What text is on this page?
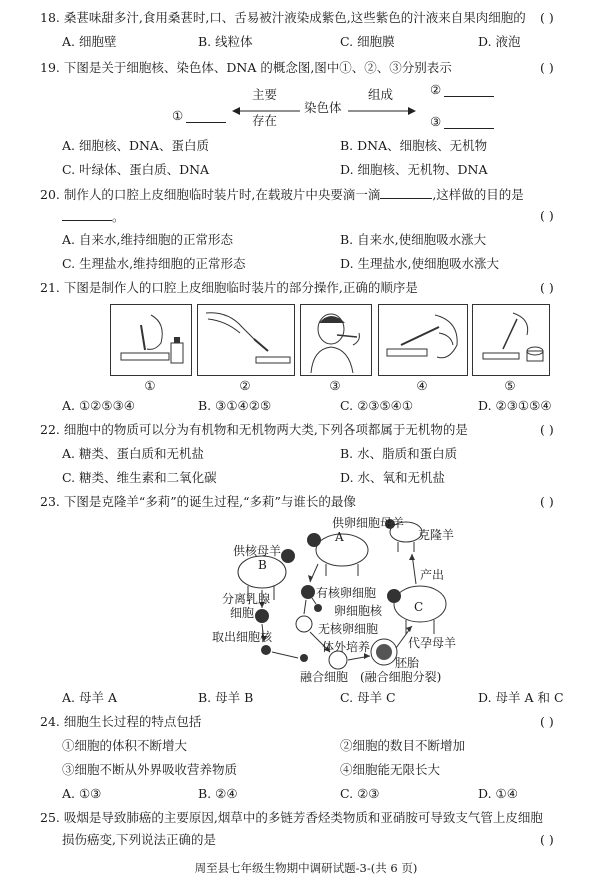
18. 桑葚味甜多汁,食用桑葚时,口、舌易被汁液染成紫色,这些紫色的汁液来自果肉细胞的 ( )
A. 细胞壁	B. 线粒体	C. 细胞膜	D. 液泡
19. 下图是关于细胞核、染色体、DNA 的概念图,图中①、②、③分别表示	( )
①
主要
存在
染色体
组成	②
③
A. 细胞核、DNA、蛋白质	B. DNA、细胞核、无机物
C. 叶绿体、蛋白质、DNA	D. 细胞核、无机物、DNA
20. 制作人的口腔上皮细胞临时装片时,在载玻片中央要滴一滴	,这样做的目的是
。	( )
A. 自来水,维持细胞的正常形态	B. 自来水,使细胞吸水涨大
C. 生理盐水,维持细胞的正常形态	D. 生理盐水,使细胞吸水涨大
21. 下图是制作人的口腔上皮细胞临时装片的部分操作,正确的顺序是	( )
①	②	③	④	⑤
A. ①②⑤③④	B. ③①④②⑤	C. ②③⑤④①	D. ②③①⑤④
22. 细胞中的物质可以分为有机物和无机物两大类,下列各项都属于无机物的是	( )
A. 糖类、蛋白质和无机盐	B. 水、脂质和蛋白质
C. 糖类、维生素和二氧化碳	D. 水、氧和无机盐
23. 下图是克隆羊“多莉”的诞生过程,“多莉”与谁长的最像	( )
供卵细胞母羊
A	克隆羊
供核母羊
B
产出
有核卵细胞
分离乳腺
细胞	卵细胞核	C
无核卵细胞
取出细胞核
体外培养	代孕母羊
胚胎
融合细胞 (融合细胞分裂)
A. 母羊 A	B. 母羊 B	C. 母羊 C	D. 母羊 A 和 C
24. 细胞生长过程的特点包括	( )
①细胞的体积不断增大	②细胞的数目不断增加
③细胞不断从外界吸收营养物质	④细胞能无限长大
A. ①③	B. ②④	C. ②③	D. ①④
25. 吸烟是导致肺癌的主要原因,烟草中的多链芳香烃类物质和亚硝胺可导致支气管上皮细胞
损伤癌变,下列说法正确的是	( )
周至县七年级生物期中调研试题-3-(共 6 页)
